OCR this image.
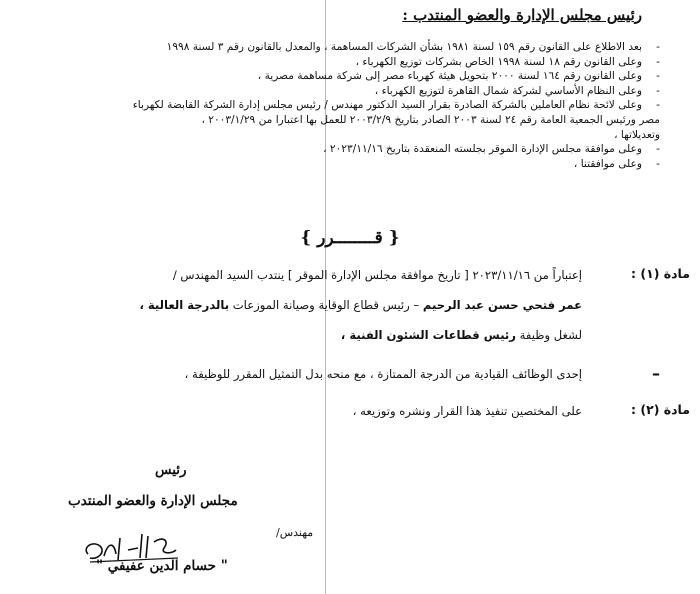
رئيس مجلس الإدارة والعضو المنتدب :
- بعد الاطلاع على القانون رقم ١٥٩ لسنة ١٩٨١ بشأن الشركات المساهمة ، والمعدل بالقانون رقم ٣ لسنة ١٩٩٨
- وعلى القانون رقم ١٨ لسنة ١٩٩٨ الخاص بشركات توزيع الكهرباء ،
- وعلى القانون رقم ١٦٤ لسنة ٢٠٠٠ بتحويل هيئة كهرباء مصر إلى شركة مساهمة مصرية ،
- وعلى النظام الأساسي لشركة شمال القاهرة لتوزيع الكهرباء ،
- وعلى لائحة نظام العاملين بالشركة الصادرة بقرار السيد الدكتور مهندس / رئيس مجلس إدارة الشركة القابضة لكهرباء
مصر ورئيس الجمعية العامة رقم ٢٤ لسنة ٢٠٠٣ الصادر بتاريخ ٢٠٠٣/٢/٩ للعمل بها اعتبارا من ٢٠٠٣/١/٢٩ ،
وتعديلاتها ،
- وعلى موافقة مجلس الإدارة الموقر بجلسته المنعقدة بتاريخ ٢٠٢٣/١١/١٦ ،
- وعلى موافقتنا ،
{ قــــــــرر }
مادة (١) :
إعتباراً من ٢٠٢٣/١١/١٦ [ تاريخ موافقة مجلس الإدارة الموقر ] ينتدب السيد المهندس /
عمر فتحي حسن عبد الرحيم – رئيس قطاع الوقاية وصيانة الموزعات بالدرجة العالية ،
لشغل وظيفة رئيس قطاعات الشئون الفنية ،
–
إحدى الوظائف القيادية من الدرجة الممتازة ، مع منحه بدل التمثيل المقرر للوظيفة ،
مادة (٢) :
على المختصين تنفيذ هذا القرار ونشره وتوزيعه ،
رئيس
مجلس الإدارة والعضو المنتدب
مهندس/
" حسام الدين عفيفي "
